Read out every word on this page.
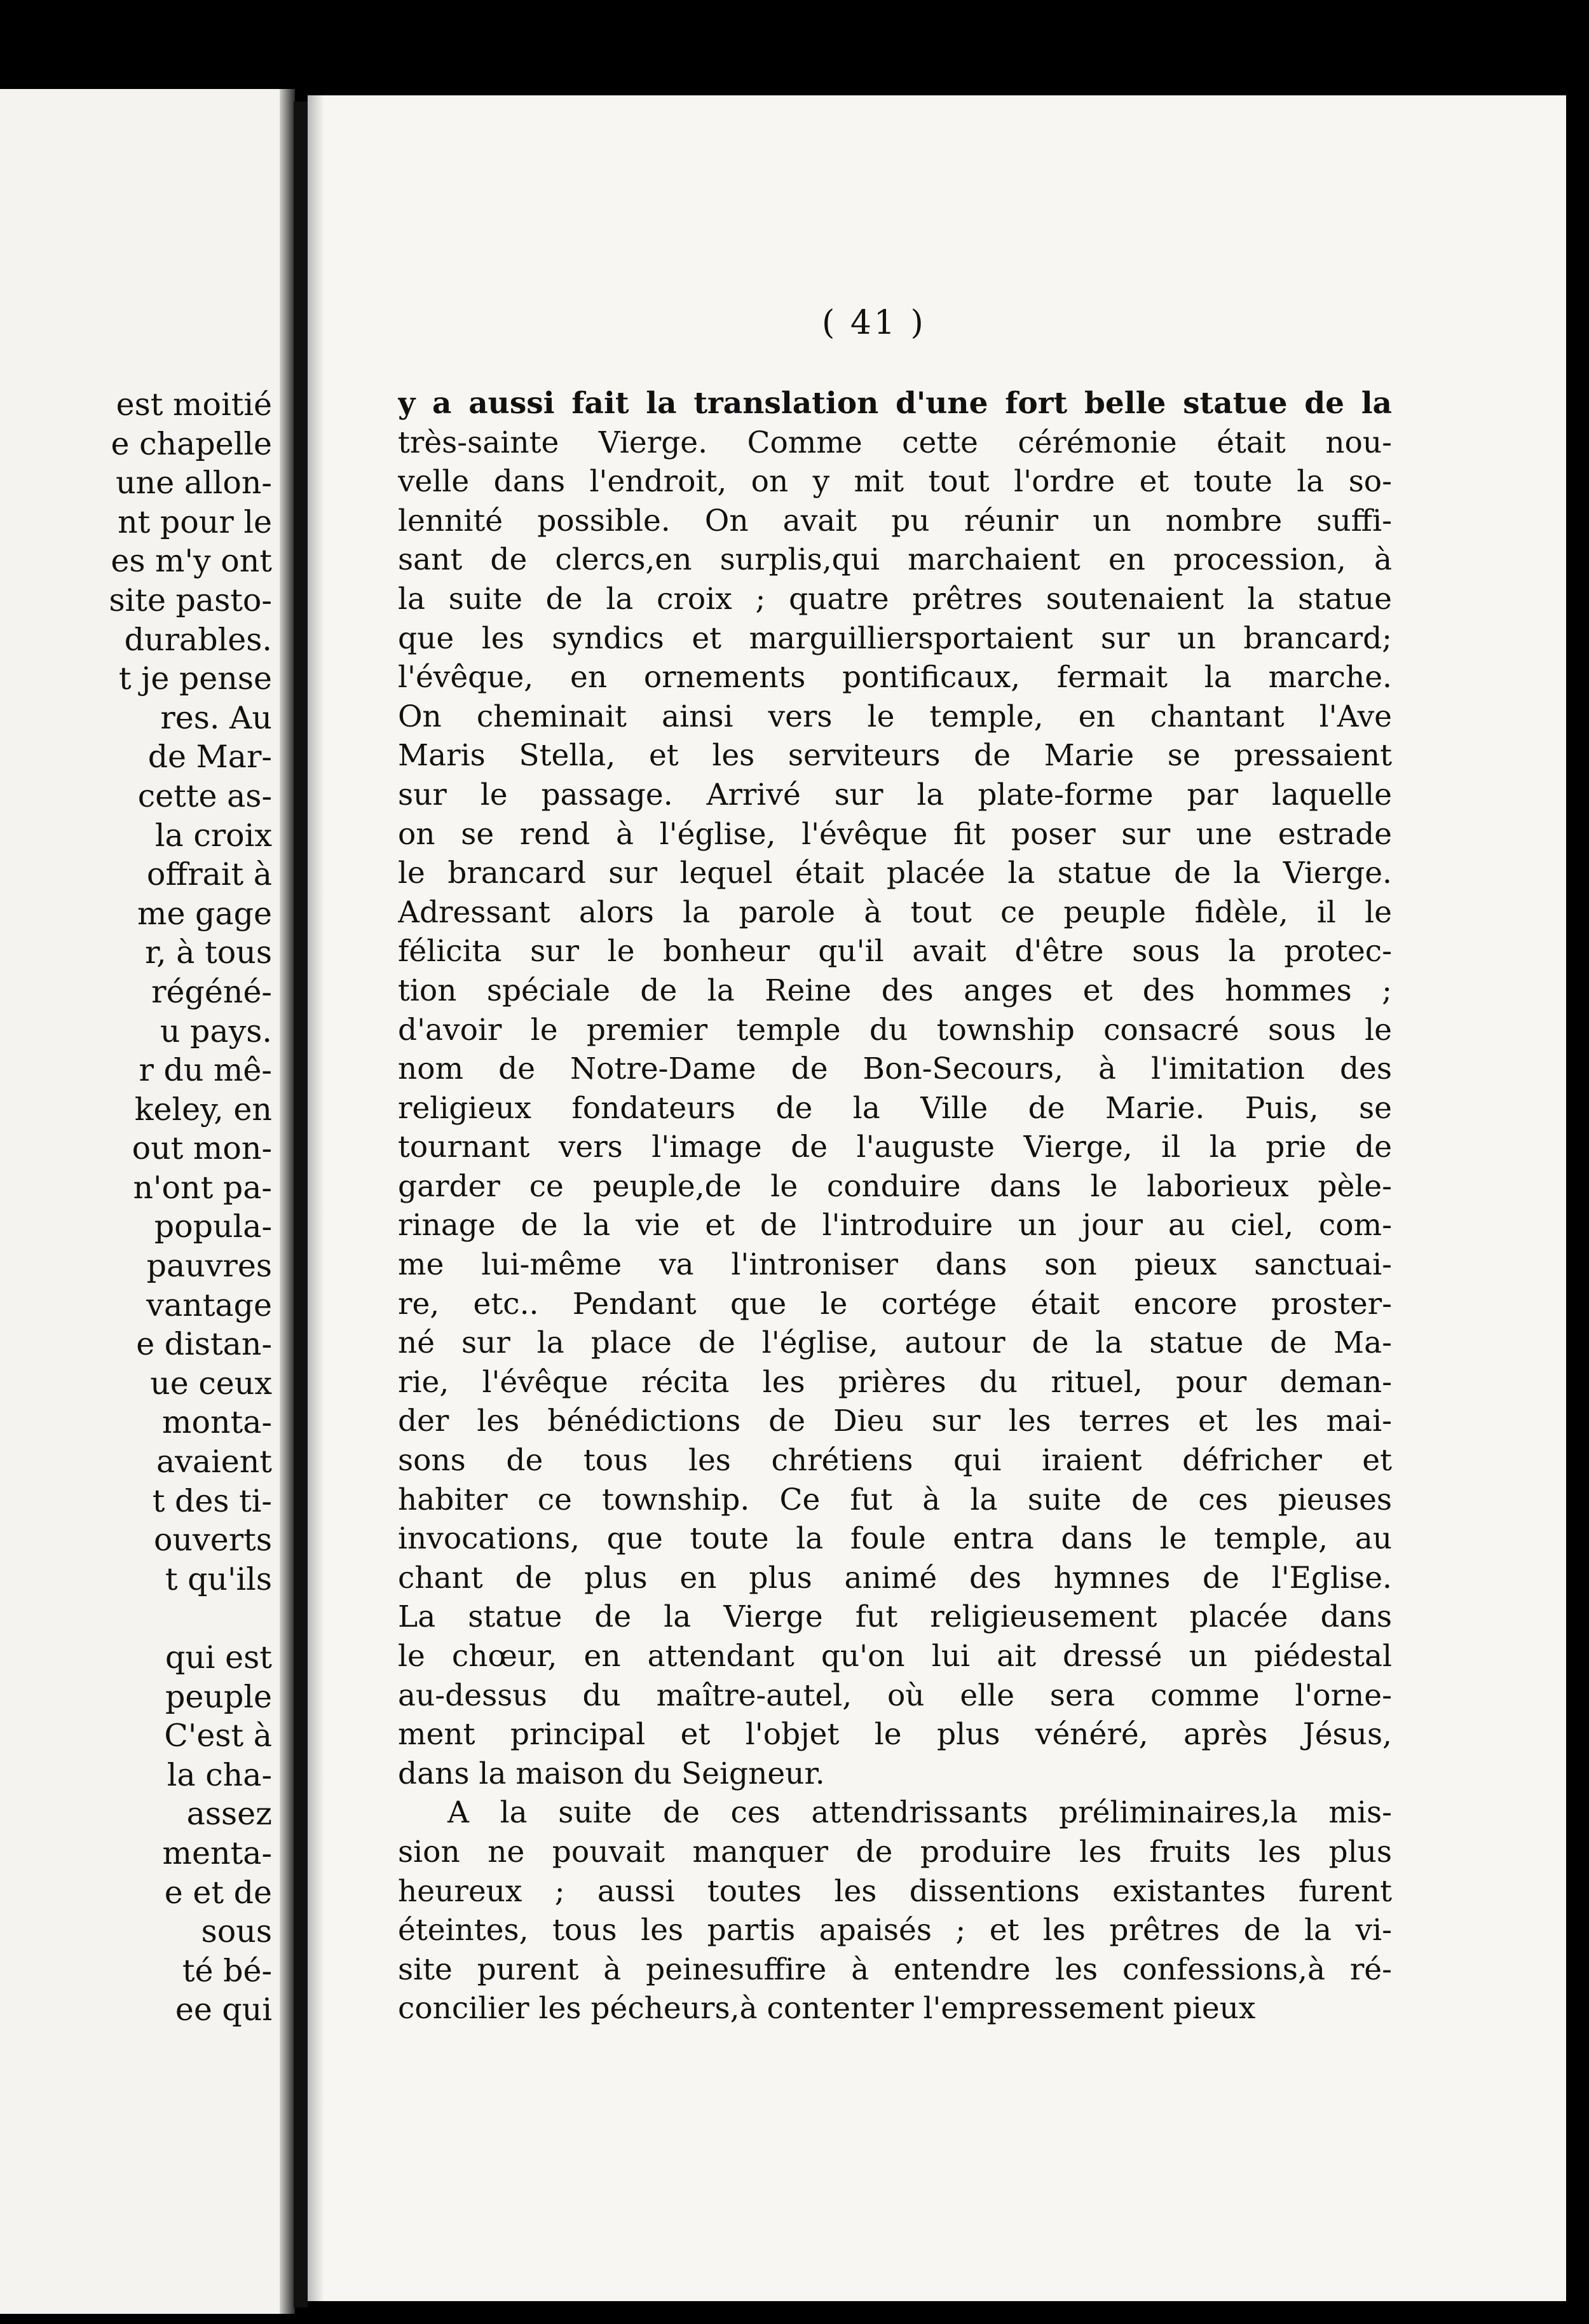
est moitié
e chapelle
une allon-
nt pour le
es m'y ont
site pasto-
durables.
t je pense
res. Au
de Mar-
cette as-
la croix
offrait à
me gage
r, à tous
régéné-
u pays.
r du mê-
keley, en
out mon-
n'ont pa-
popula-
pauvres
vantage
e distan-
ue ceux
monta-
avaient
t des ti-
ouverts
t qu'ils
qui est
peuple
C'est à
la cha-
assez
menta-
e et de
sous
té bé-
ee qui
( 41 )
y a aussi fait la translation d'une fort belle statue de la
très-sainte Vierge. Comme cette cérémonie était nou-
velle dans l'endroit, on y mit tout l'ordre et toute la so-
lennité possible. On avait pu réunir un nombre suffi-
sant de clercs,en surplis,qui marchaient en procession, à
la suite de la croix ; quatre prêtres soutenaient la statue
que les syndics et marguilliersportaient sur un brancard;
l'évêque, en ornements pontificaux, fermait la marche.
On cheminait ainsi vers le temple, en chantant l'Ave
Maris Stella, et les serviteurs de Marie se pressaient
sur le passage. Arrivé sur la plate-forme par laquelle
on se rend à l'église, l'évêque fit poser sur une estrade
le brancard sur lequel était placée la statue de la Vierge.
Adressant alors la parole à tout ce peuple fidèle, il le
félicita sur le bonheur qu'il avait d'être sous la protec-
tion spéciale de la Reine des anges et des hommes ;
d'avoir le premier temple du township consacré sous le
nom de Notre-Dame de Bon-Secours, à l'imitation des
religieux fondateurs de la Ville de Marie. Puis, se
tournant vers l'image de l'auguste Vierge, il la prie de
garder ce peuple,de le conduire dans le laborieux pèle-
rinage de la vie et de l'introduire un jour au ciel, com-
me lui-même va l'introniser dans son pieux sanctuai-
re, etc.. Pendant que le cortége était encore proster-
né sur la place de l'église, autour de la statue de Ma-
rie, l'évêque récita les prières du rituel, pour deman-
der les bénédictions de Dieu sur les terres et les mai-
sons de tous les chrétiens qui iraient défricher et
habiter ce township. Ce fut à la suite de ces pieuses
invocations, que toute la foule entra dans le temple, au
chant de plus en plus animé des hymnes de l'Eglise.
La statue de la Vierge fut religieusement placée dans
le chœur, en attendant qu'on lui ait dressé un piédestal
au-dessus du maître-autel, où elle sera comme l'orne-
ment principal et l'objet le plus vénéré, après Jésus,
dans la maison du Seigneur.
A la suite de ces attendrissants préliminaires,la mis-
sion ne pouvait manquer de produire les fruits les plus
heureux ; aussi toutes les dissentions existantes furent
éteintes, tous les partis apaisés ; et les prêtres de la vi-
site purent à peinesuffire à entendre les confessions,à ré-
concilier les pécheurs,à contenter l'empressement pieux
